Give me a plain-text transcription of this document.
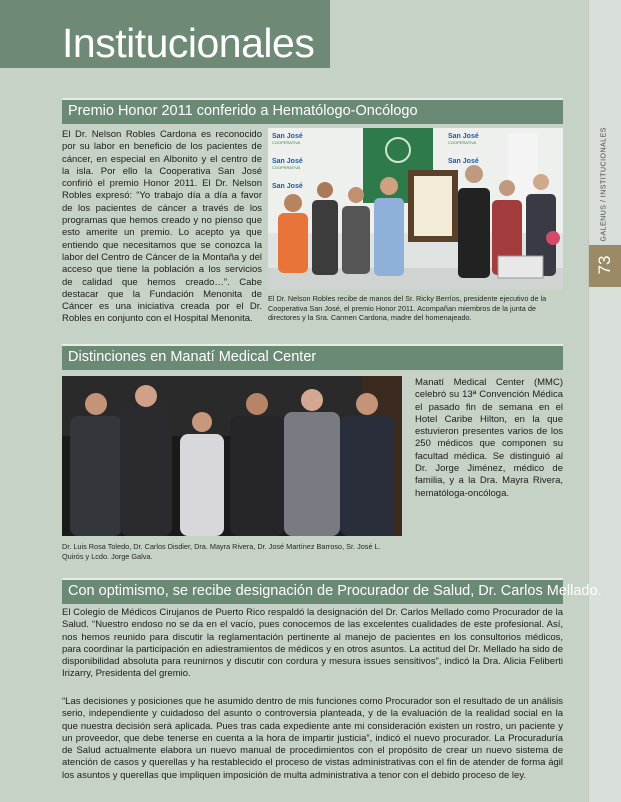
Institucionales
GALENUS / INSTITUCIONALES
73
Premio Honor 2011 conferido a Hematólogo-Oncólogo
El Dr. Nelson Robles Cardona es reconocido por su labor en beneficio de los pacientes de cáncer, en especial en Albonito y el centro de la isla. Por ello la Cooperativa San José confirió el premio Honor 2011. El Dr. Nelson Robles expresó: “Yo trabajo día a día a favor de los pacientes de cáncer a través de los programas que hemos creado y no pienso que esto amerite un premio. Lo acepto ya que entiendo que necesitamos que se conozca la labor del Centro de Cáncer de la Montaña y del acceso que tiene la población a los servicios de calidad que hemos creado…”. Cabe destacar que la Fundación Menonita de Cáncer es una iniciativa creada por el Dr. Robles en conjunto con el Hospital Menonita.
San José
San José
San José
San José
San José
COOPERATIVA
COOPERATIVA
COOPERATIVA
El Dr. Nelson Robles recibe de manos del Sr. Ricky Berríos, presidente ejecutivo de la Cooperativa San José, el premio Honor 2011. Acompañan miembros de la junta de directores y la Sra. Carmen Cardona, madre del homenajeado.
Distinciones en Manatí Medical Center
Manatí Medical Center (MMC) celebró su 13ª Convención Médica el pasado fin de semana en el Hotel Caribe Hilton, en la que estuvieron presentes varios de los 250 médicos que componen su facultad médica. Se distinguió al Dr. Jorge Jiménez, médico de familia, y a la Dra. Mayra Rivera, hematóloga-oncóloga.
Dr. Luis Rosa Toledo, Dr. Carlos Disdier, Dra. Mayra Rivera, Dr. José Martínez Barroso, Sr. José L. Quirós y Lcdo. Jorge Galva.
Con optimismo, se recibe designación de Procurador de Salud, Dr. Carlos Mellado.
El Colegio de Médicos Cirujanos de Puerto Rico respaldó la designación del Dr. Carlos Mellado como Procurador de la Salud. “Nuestro endoso no se da en el vacío, pues conocemos de las excelentes cualidades de este profesional. Así, nos hemos reunido para discutir la reglamentación pertinente al manejo de pacientes en los consultorios médicos, para coordinar la participación en adiestramientos de médicos y en otros asuntos. La actitud del Dr. Mellado ha sido de disponibilidad absoluta para reunirnos y discutir con cordura y mesura issues sensitivos”, indicó la Dra. Alicia Feliberti Irizarry, Presidenta del gremio.
“Las decisiones y posiciones que he asumido dentro de mis funciones como Procurador son el resultado de un análisis serio, independiente y cuidadoso del asunto o controversia planteada, y de la evaluación de la realidad social en la que nuestra decisión será aplicada. Pues tras cada expediente ante mi consideración existen un rostro, un paciente y un proveedor, que debe tenerse en cuenta a la hora de impartir justicia”, indicó el nuevo procurador. La Procuraduría de Salud actualmente elabora un nuevo manual de procedimientos con el propósito de crear un nuevo sistema de atención de casos y querellas y ha restablecido el proceso de vistas administrativas con el fin de atender de forma ágil los asuntos y querellas que impliquen imposición de multa administrativa a tenor con el debido proceso de ley.
